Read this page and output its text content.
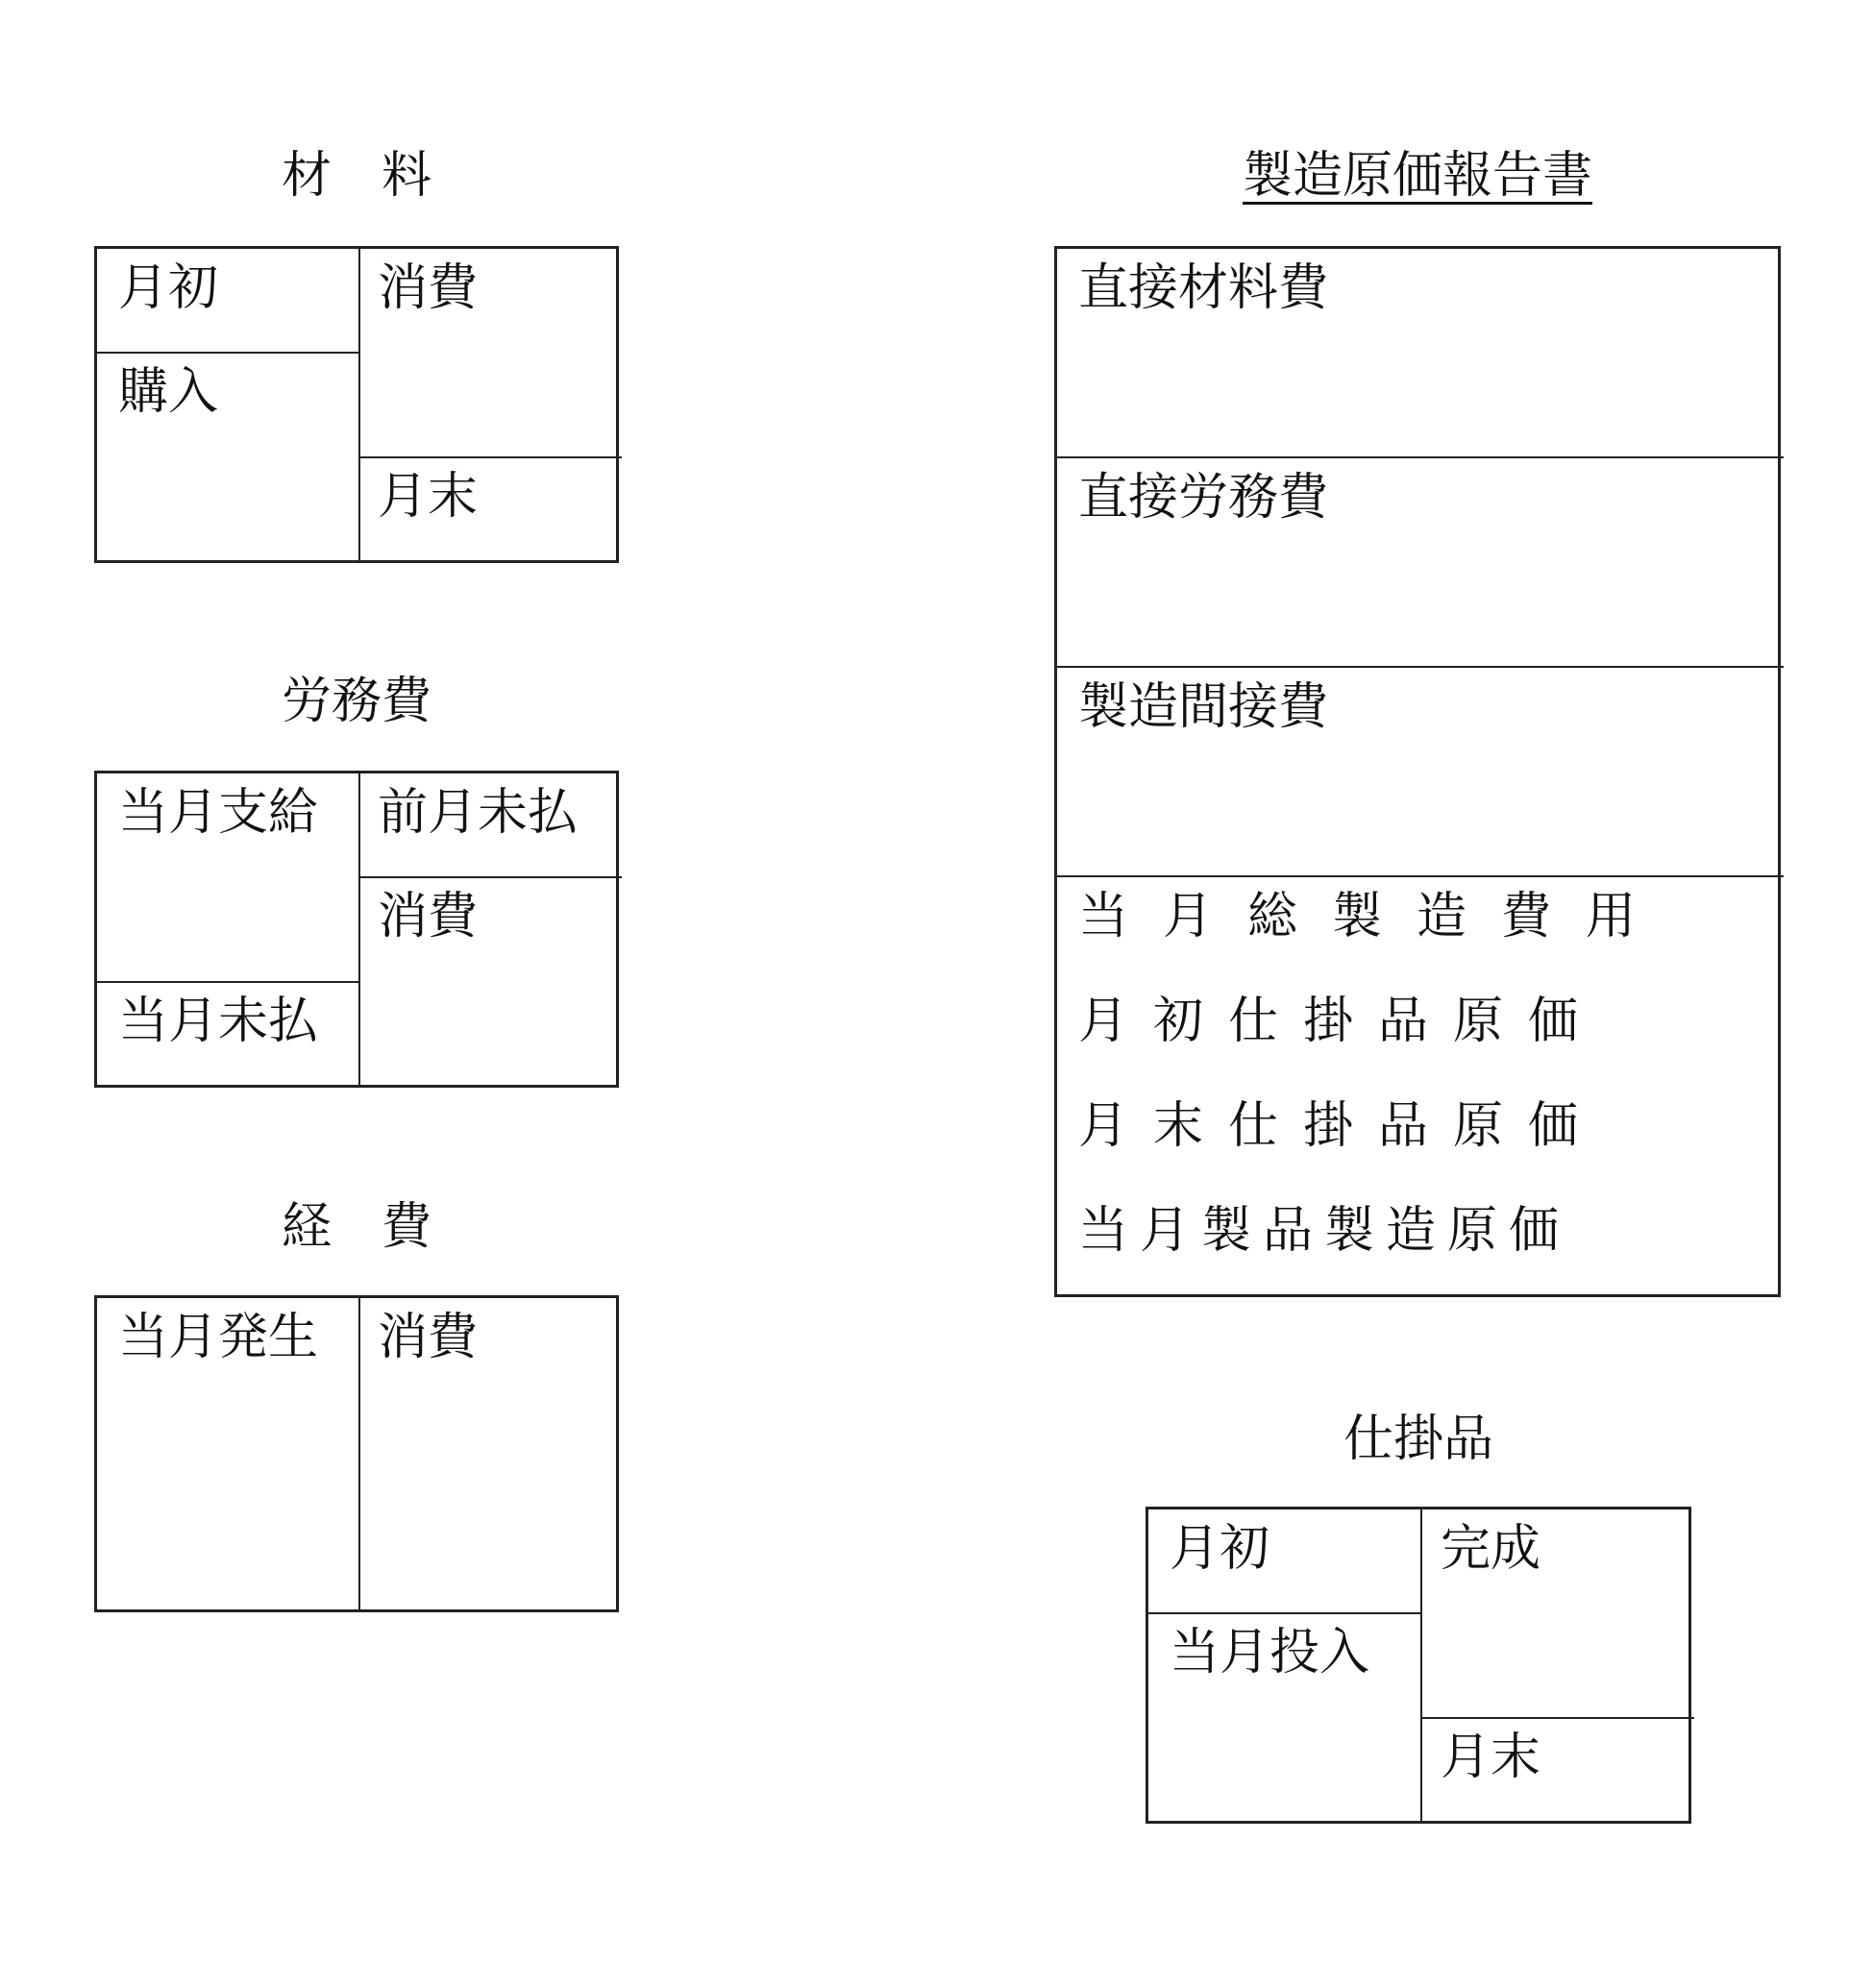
材　料
月初
購入
消費
月末
労務費
当月支給
当月未払
前月未払
消費
経　費
当月発生 消費
製造原価報告書
直接材料費
直接労務費
製造間接費
当月総製造費用
月初仕掛品原価
月末仕掛品原価
当月製品製造原価
仕掛品
月初
当月投入
完成
月末
